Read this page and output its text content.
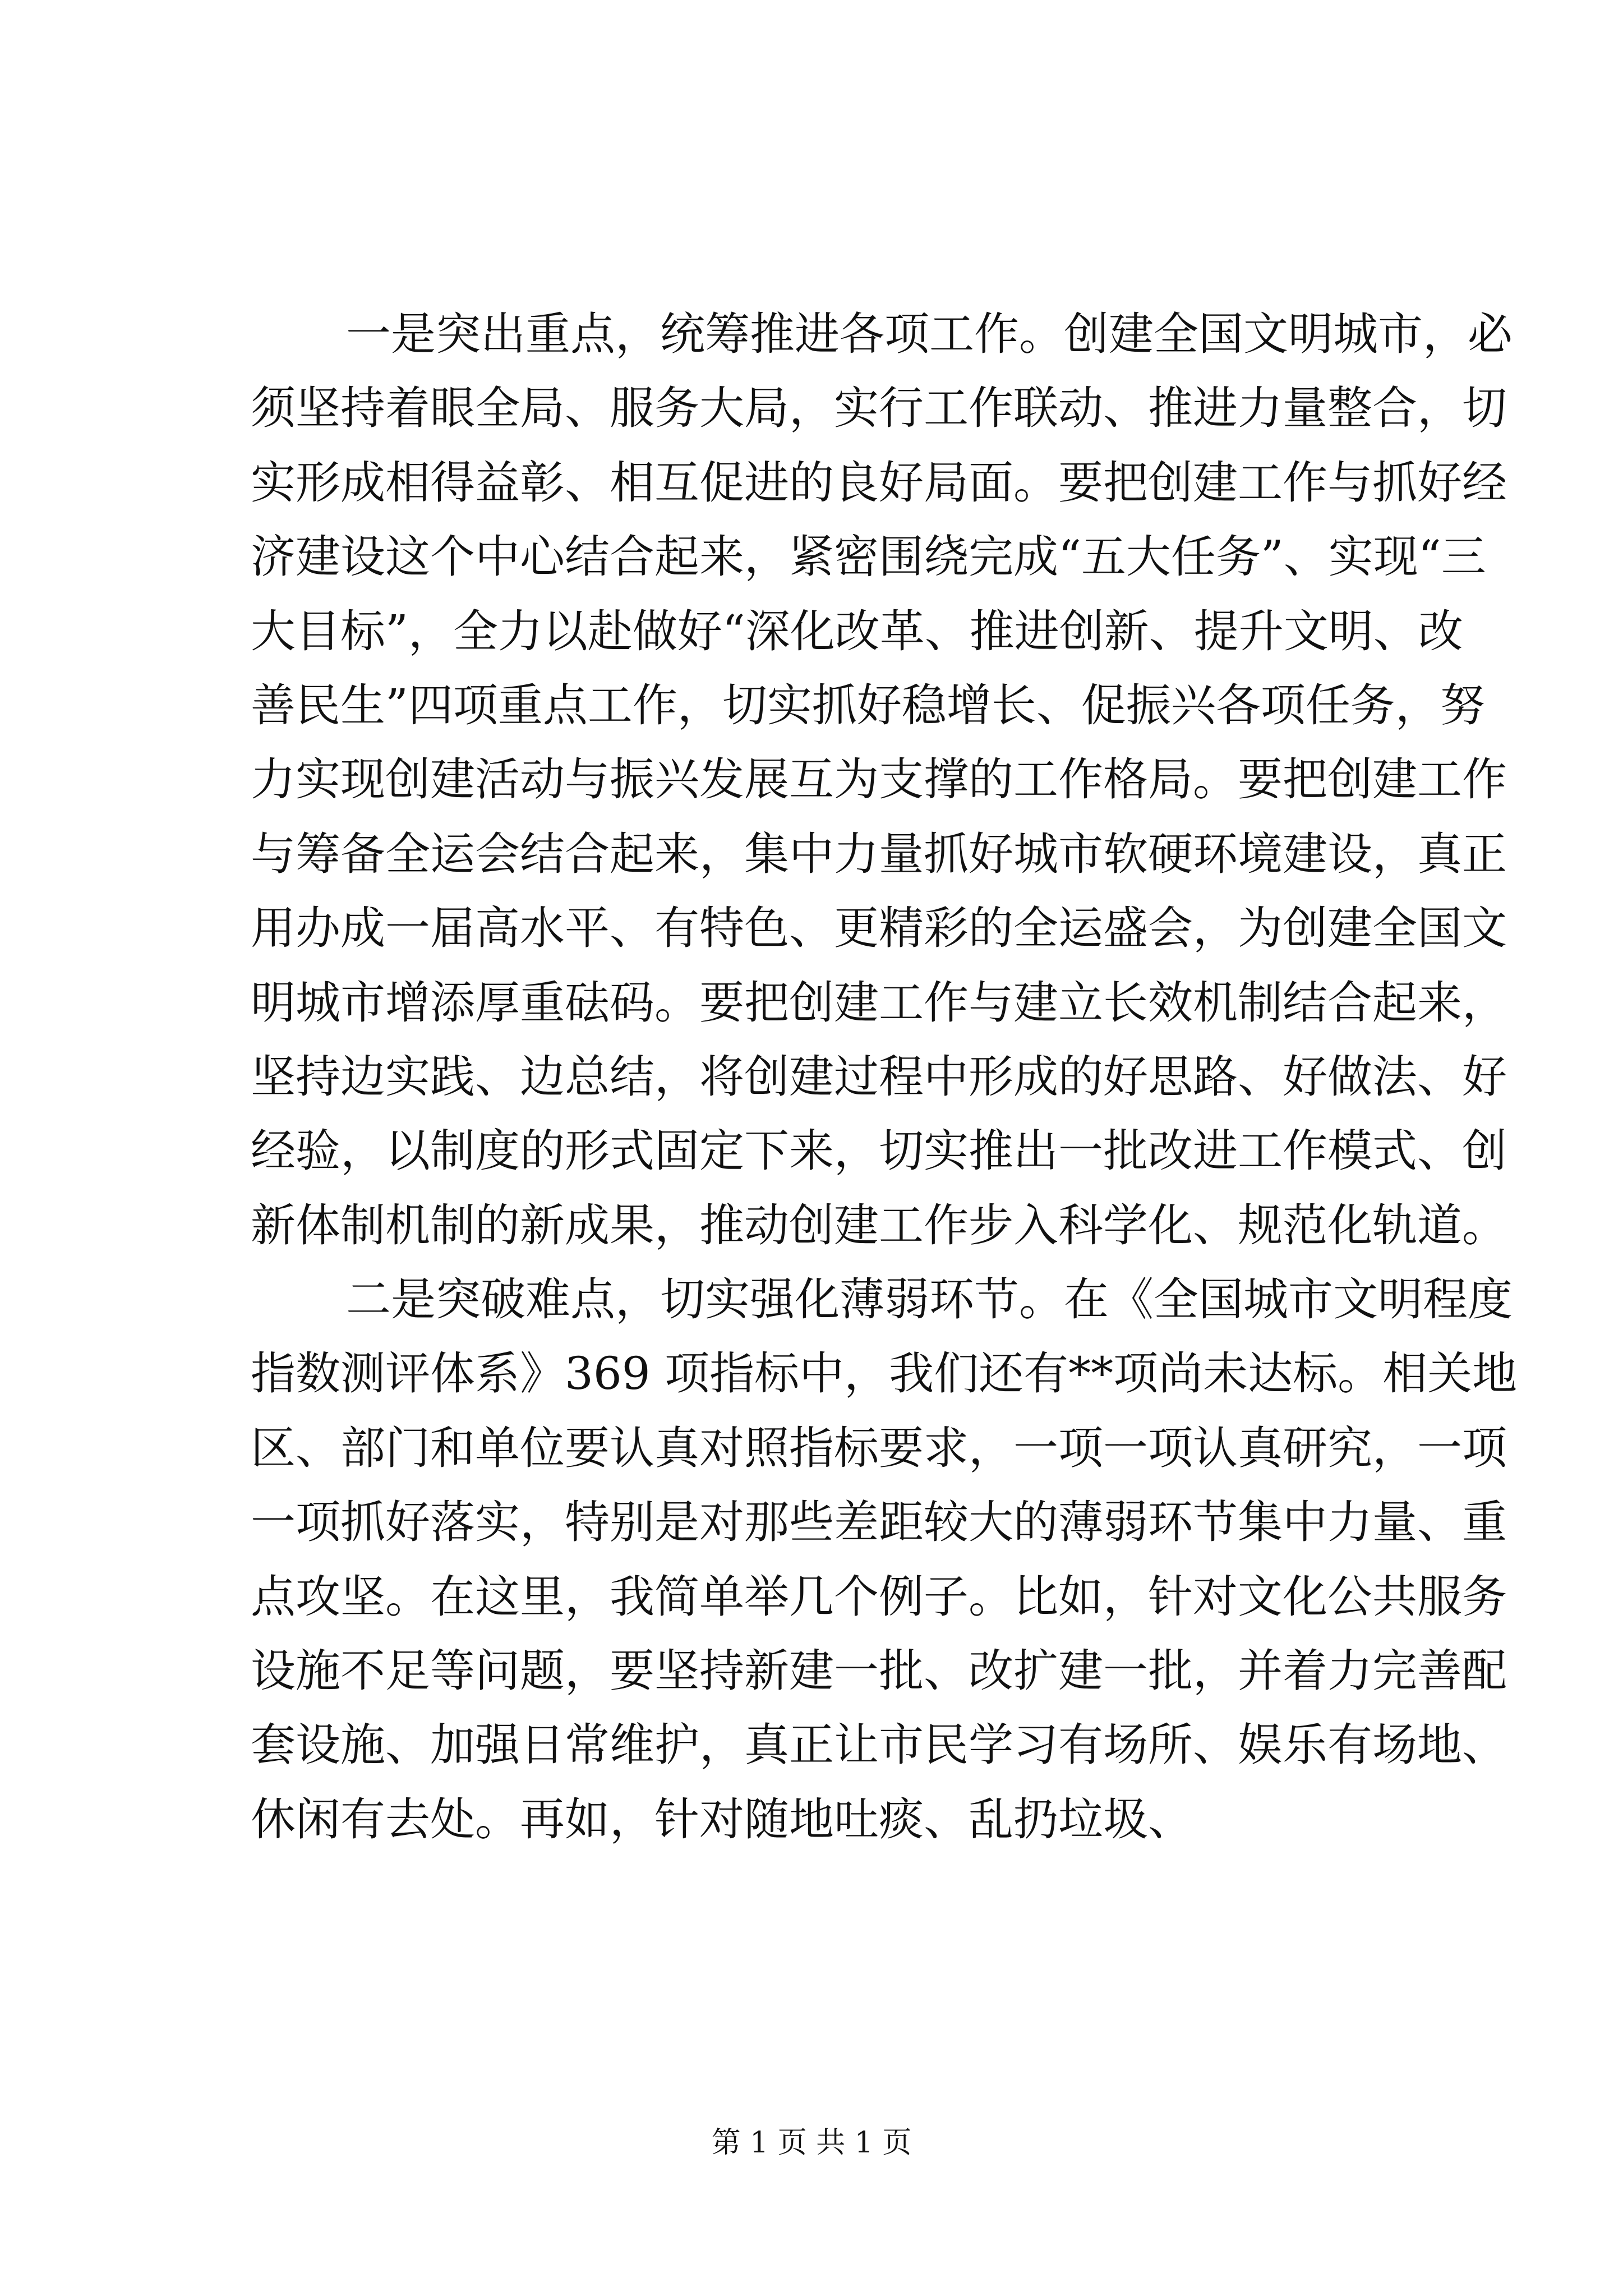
一是突出重点，统筹推进各项工作。创建全国文明城市，必
须坚持着眼全局、服务大局，实行工作联动、推进力量整合，切
实形成相得益彰、相互促进的良好局面。要把创建工作与抓好经
济建设这个中心结合起来，紧密围绕完成“五大任务”、实现“三
大目标”，全力以赴做好“深化改革、推进创新、提升文明、改
善民生”四项重点工作，切实抓好稳增长、促振兴各项任务，努
力实现创建活动与振兴发展互为支撑的工作格局。要把创建工作
与筹备全运会结合起来，集中力量抓好城市软硬环境建设，真正
用办成一届高水平、有特色、更精彩的全运盛会，为创建全国文
明城市增添厚重砝码。要把创建工作与建立长效机制结合起来，
坚持边实践、边总结，将创建过程中形成的好思路、好做法、好
经验，以制度的形式固定下来，切实推出一批改进工作模式、创
新体制机制的新成果，推动创建工作步入科学化、规范化轨道。
二是突破难点，切实强化薄弱环节。在《全国城市文明程度
指数测评体系》369 项指标中，我们还有**项尚未达标。相关地
区、部门和单位要认真对照指标要求，一项一项认真研究，一项
一项抓好落实，特别是对那些差距较大的薄弱环节集中力量、重
点攻坚。在这里，我简单举几个例子。比如，针对文化公共服务
设施不足等问题，要坚持新建一批、改扩建一批，并着力完善配
套设施、加强日常维护，真正让市民学习有场所、娱乐有场地、
休闲有去处。再如，针对随地吐痰、乱扔垃圾、
第 1 页 共 1 页
